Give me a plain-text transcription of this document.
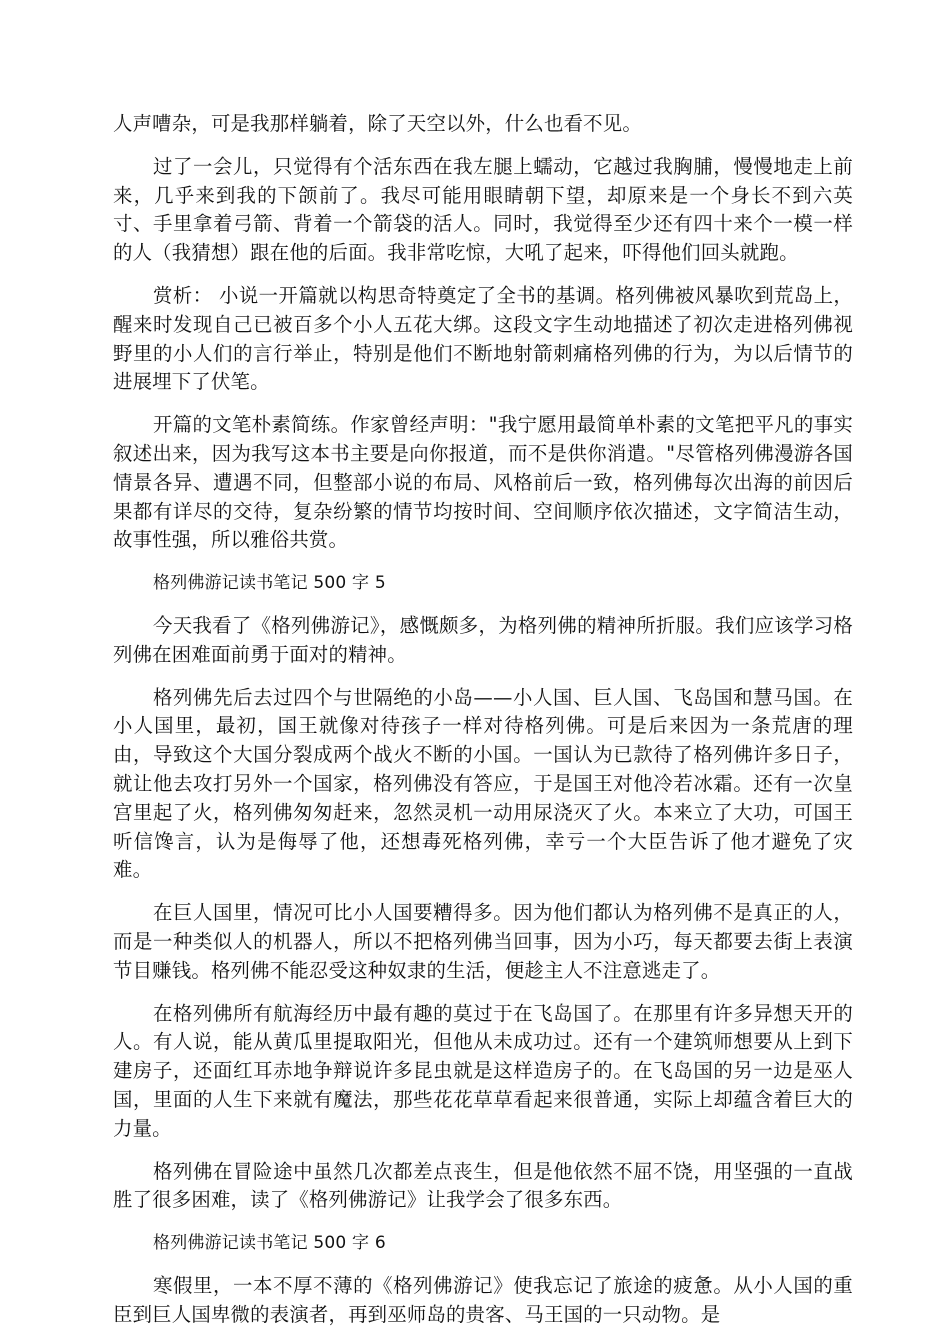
人声嘈杂，可是我那样躺着，除了天空以外，什么也看不见。

过了一会儿，只觉得有个活东西在我左腿上蠕动，它越过我胸脯，慢慢地走上前来，几乎来到我的下颌前了。我尽可能用眼睛朝下望，却原来是一个身长不到六英寸、手里拿着弓箭、背着一个箭袋的活人。同时，我觉得至少还有四十来个一模一样的人（我猜想）跟在他的后面。我非常吃惊，大吼了起来，吓得他们回头就跑。

赏析： 小说一开篇就以构思奇特奠定了全书的基调。格列佛被风暴吹到荒岛上，醒来时发现自己已被百多个小人五花大绑。这段文字生动地描述了初次走进格列佛视野里的小人们的言行举止，特别是他们不断地射箭刺痛格列佛的行为，为以后情节的进展埋下了伏笔。

开篇的文笔朴素简练。作家曾经声明："我宁愿用最简单朴素的文笔把平凡的事实叙述出来，因为我写这本书主要是向你报道，而不是供你消遣。"尽管格列佛漫游各国情景各异、遭遇不同，但整部小说的布局、风格前后一致，格列佛每次出海的前因后果都有详尽的交待，复杂纷繁的情节均按时间、空间顺序依次描述，文字简洁生动，故事性强，所以雅俗共赏。

格列佛游记读书笔记 500 字 5

今天我看了《格列佛游记》，感慨颇多，为格列佛的精神所折服。我们应该学习格列佛在困难面前勇于面对的精神。

格列佛先后去过四个与世隔绝的小岛——小人国、巨人国、飞岛国和慧马国。在小人国里，最初，国王就像对待孩子一样对待格列佛。可是后来因为一条荒唐的理由，导致这个大国分裂成两个战火不断的小国。一国认为已款待了格列佛许多日子，就让他去攻打另外一个国家，格列佛没有答应，于是国王对他冷若冰霜。还有一次皇宫里起了火，格列佛匆匆赶来，忽然灵机一动用尿浇灭了火。本来立了大功，可国王听信馋言，认为是侮辱了他，还想毒死格列佛，幸亏一个大臣告诉了他才避免了灾难。

在巨人国里，情况可比小人国要糟得多。因为他们都认为格列佛不是真正的人，而是一种类似人的机器人，所以不把格列佛当回事，因为小巧，每天都要去街上表演节目赚钱。格列佛不能忍受这种奴隶的生活，便趁主人不注意逃走了。

在格列佛所有航海经历中最有趣的莫过于在飞岛国了。在那里有许多异想天开的人。有人说，能从黄瓜里提取阳光，但他从未成功过。还有一个建筑师想要从上到下建房子，还面红耳赤地争辩说许多昆虫就是这样造房子的。在飞岛国的另一边是巫人国，里面的人生下来就有魔法，那些花花草草看起来很普通，实际上却蕴含着巨大的力量。

格列佛在冒险途中虽然几次都差点丧生，但是他依然不屈不饶，用坚强的一直战胜了很多困难，读了《格列佛游记》让我学会了很多东西。

格列佛游记读书笔记 500 字 6

寒假里，一本不厚不薄的《格列佛游记》使我忘记了旅途的疲惫。从小人国的重臣到巨人国卑微的表演者，再到巫师岛的贵客、马王国的一只动物。是
